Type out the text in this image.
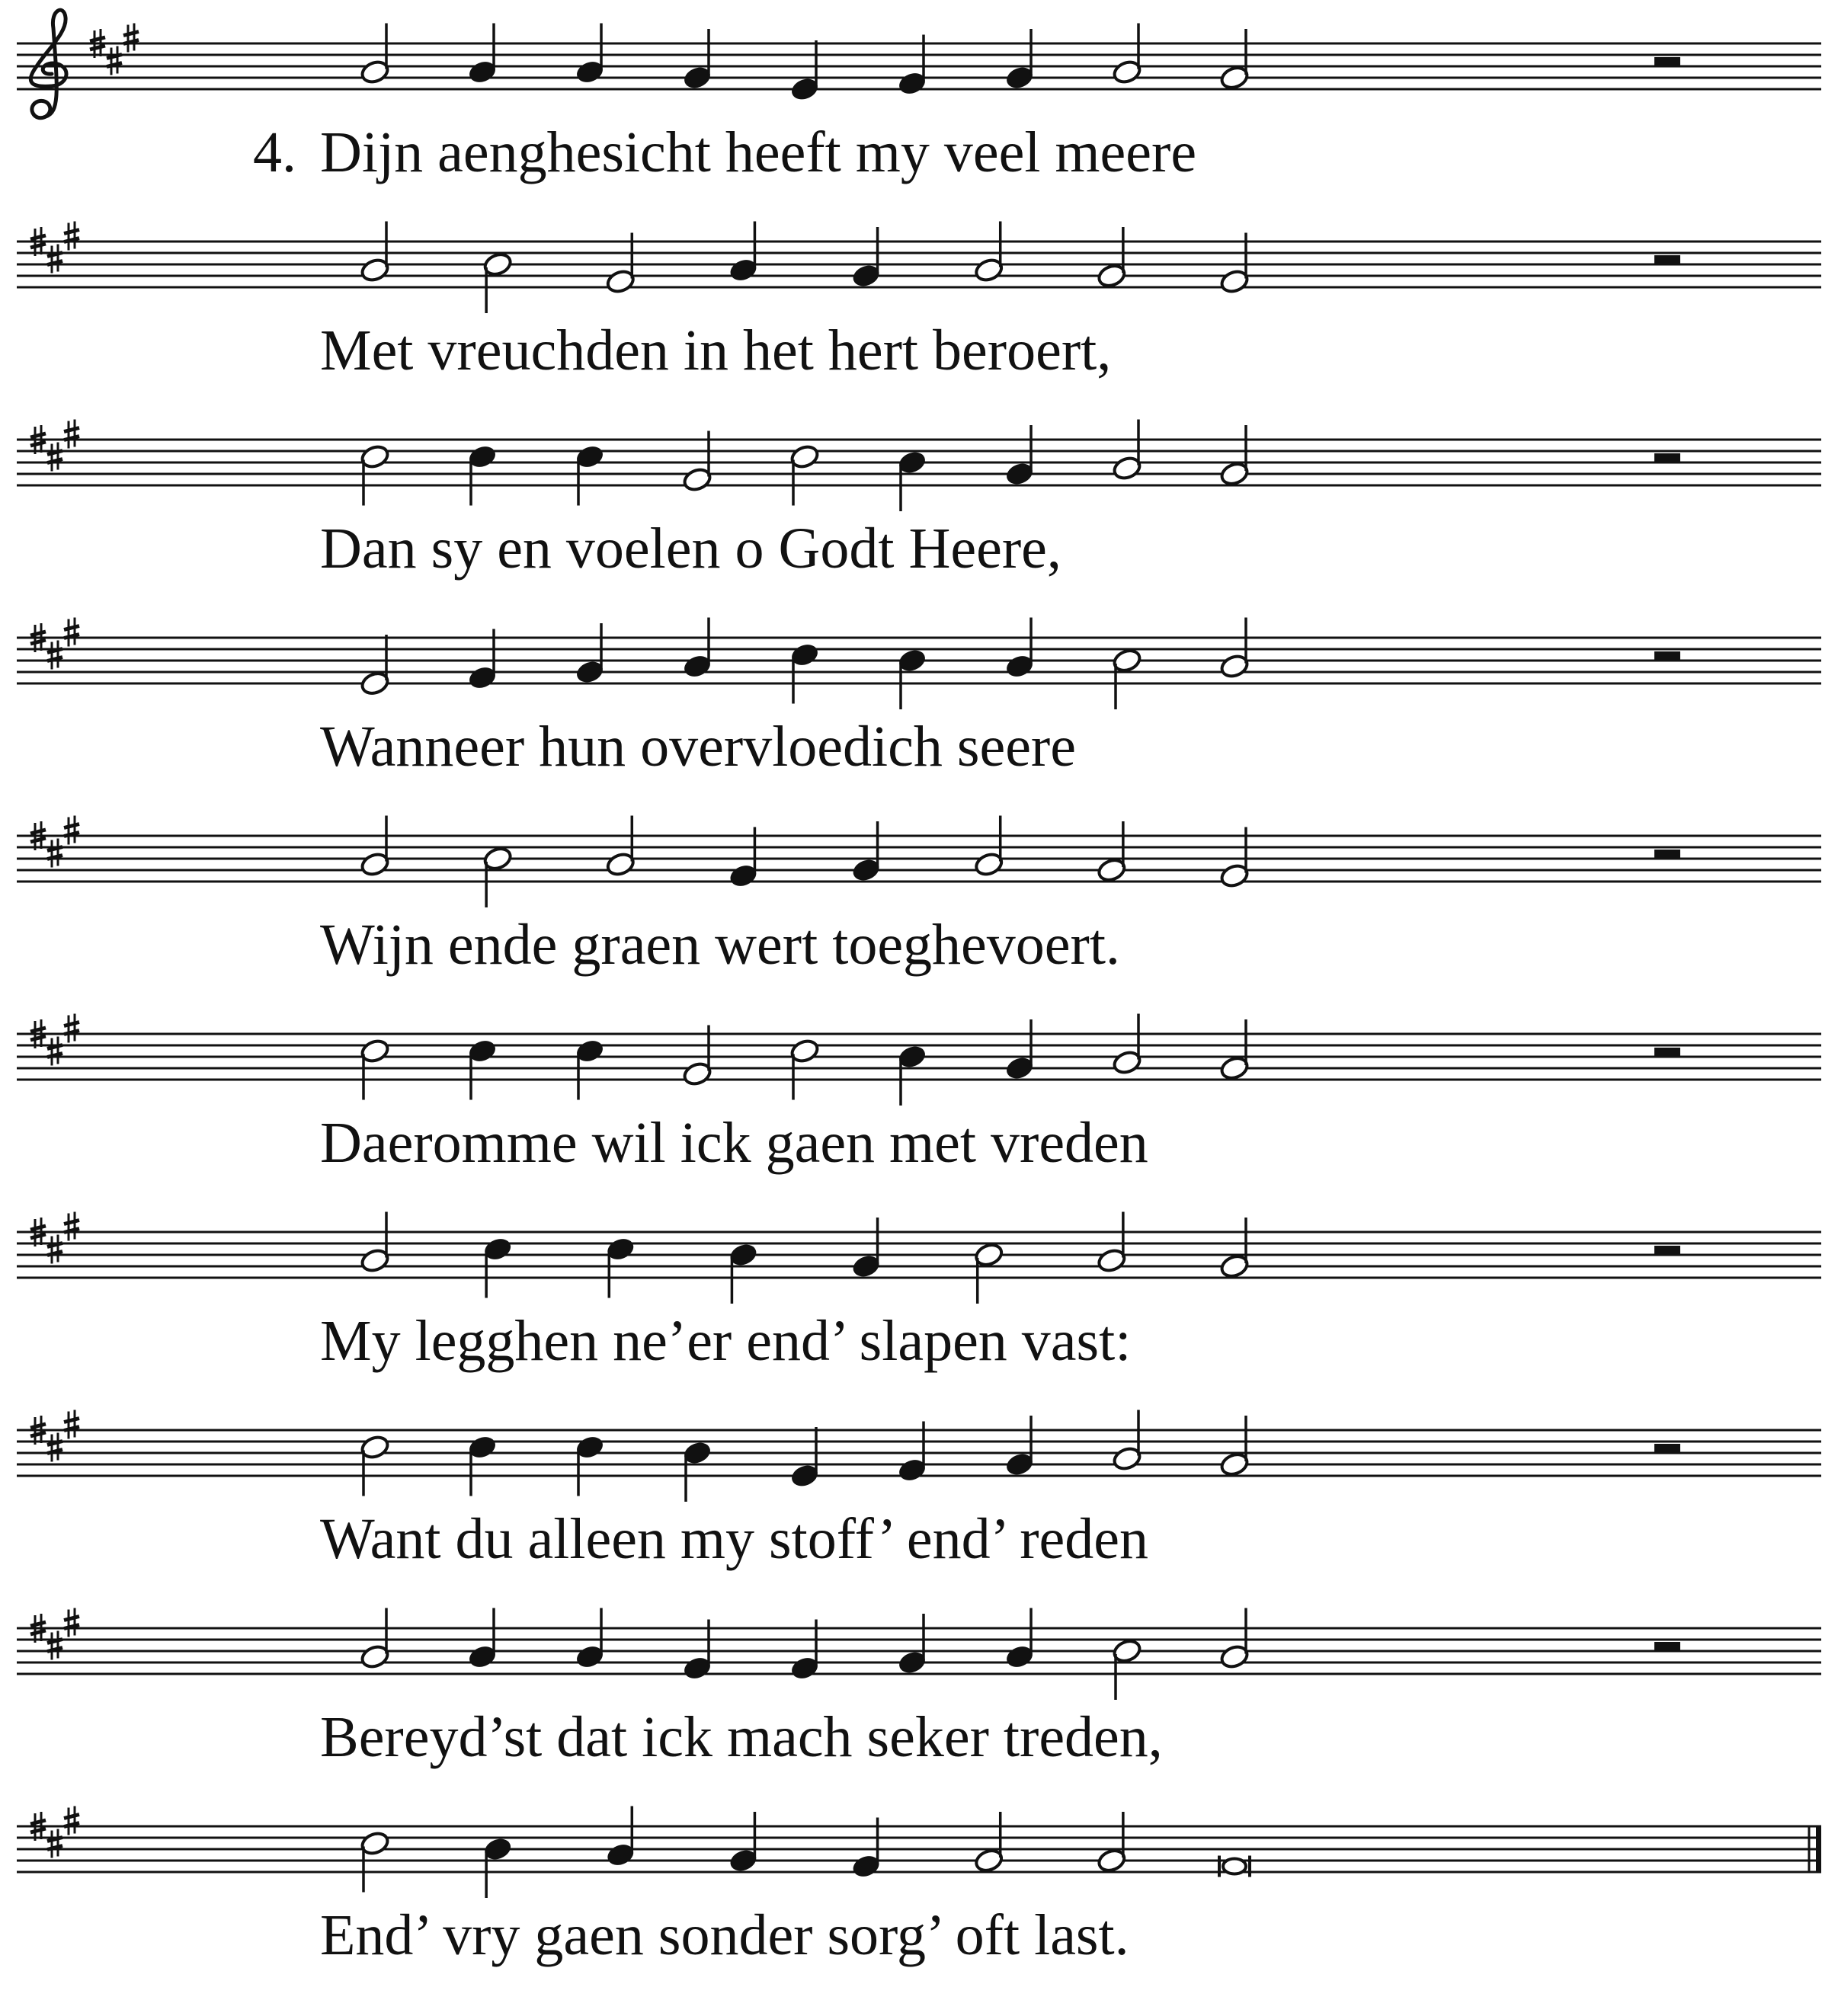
4. Dijn aenghesicht heeft my veel meere
Met vreuchden in het hert beroert,
Dan sy en voelen o Godt Heere,
Wanneer hun overvloedich seere
Wijn ende graen wert toeghevoert.
Daeromme wil ick gaen met vreden
My legghen ne’er end’ slapen vast:
Want du alleen my stoff’ end’ reden
Bereyd’st dat ick mach seker treden,
End’ vry gaen sonder sorg’ oft last.
